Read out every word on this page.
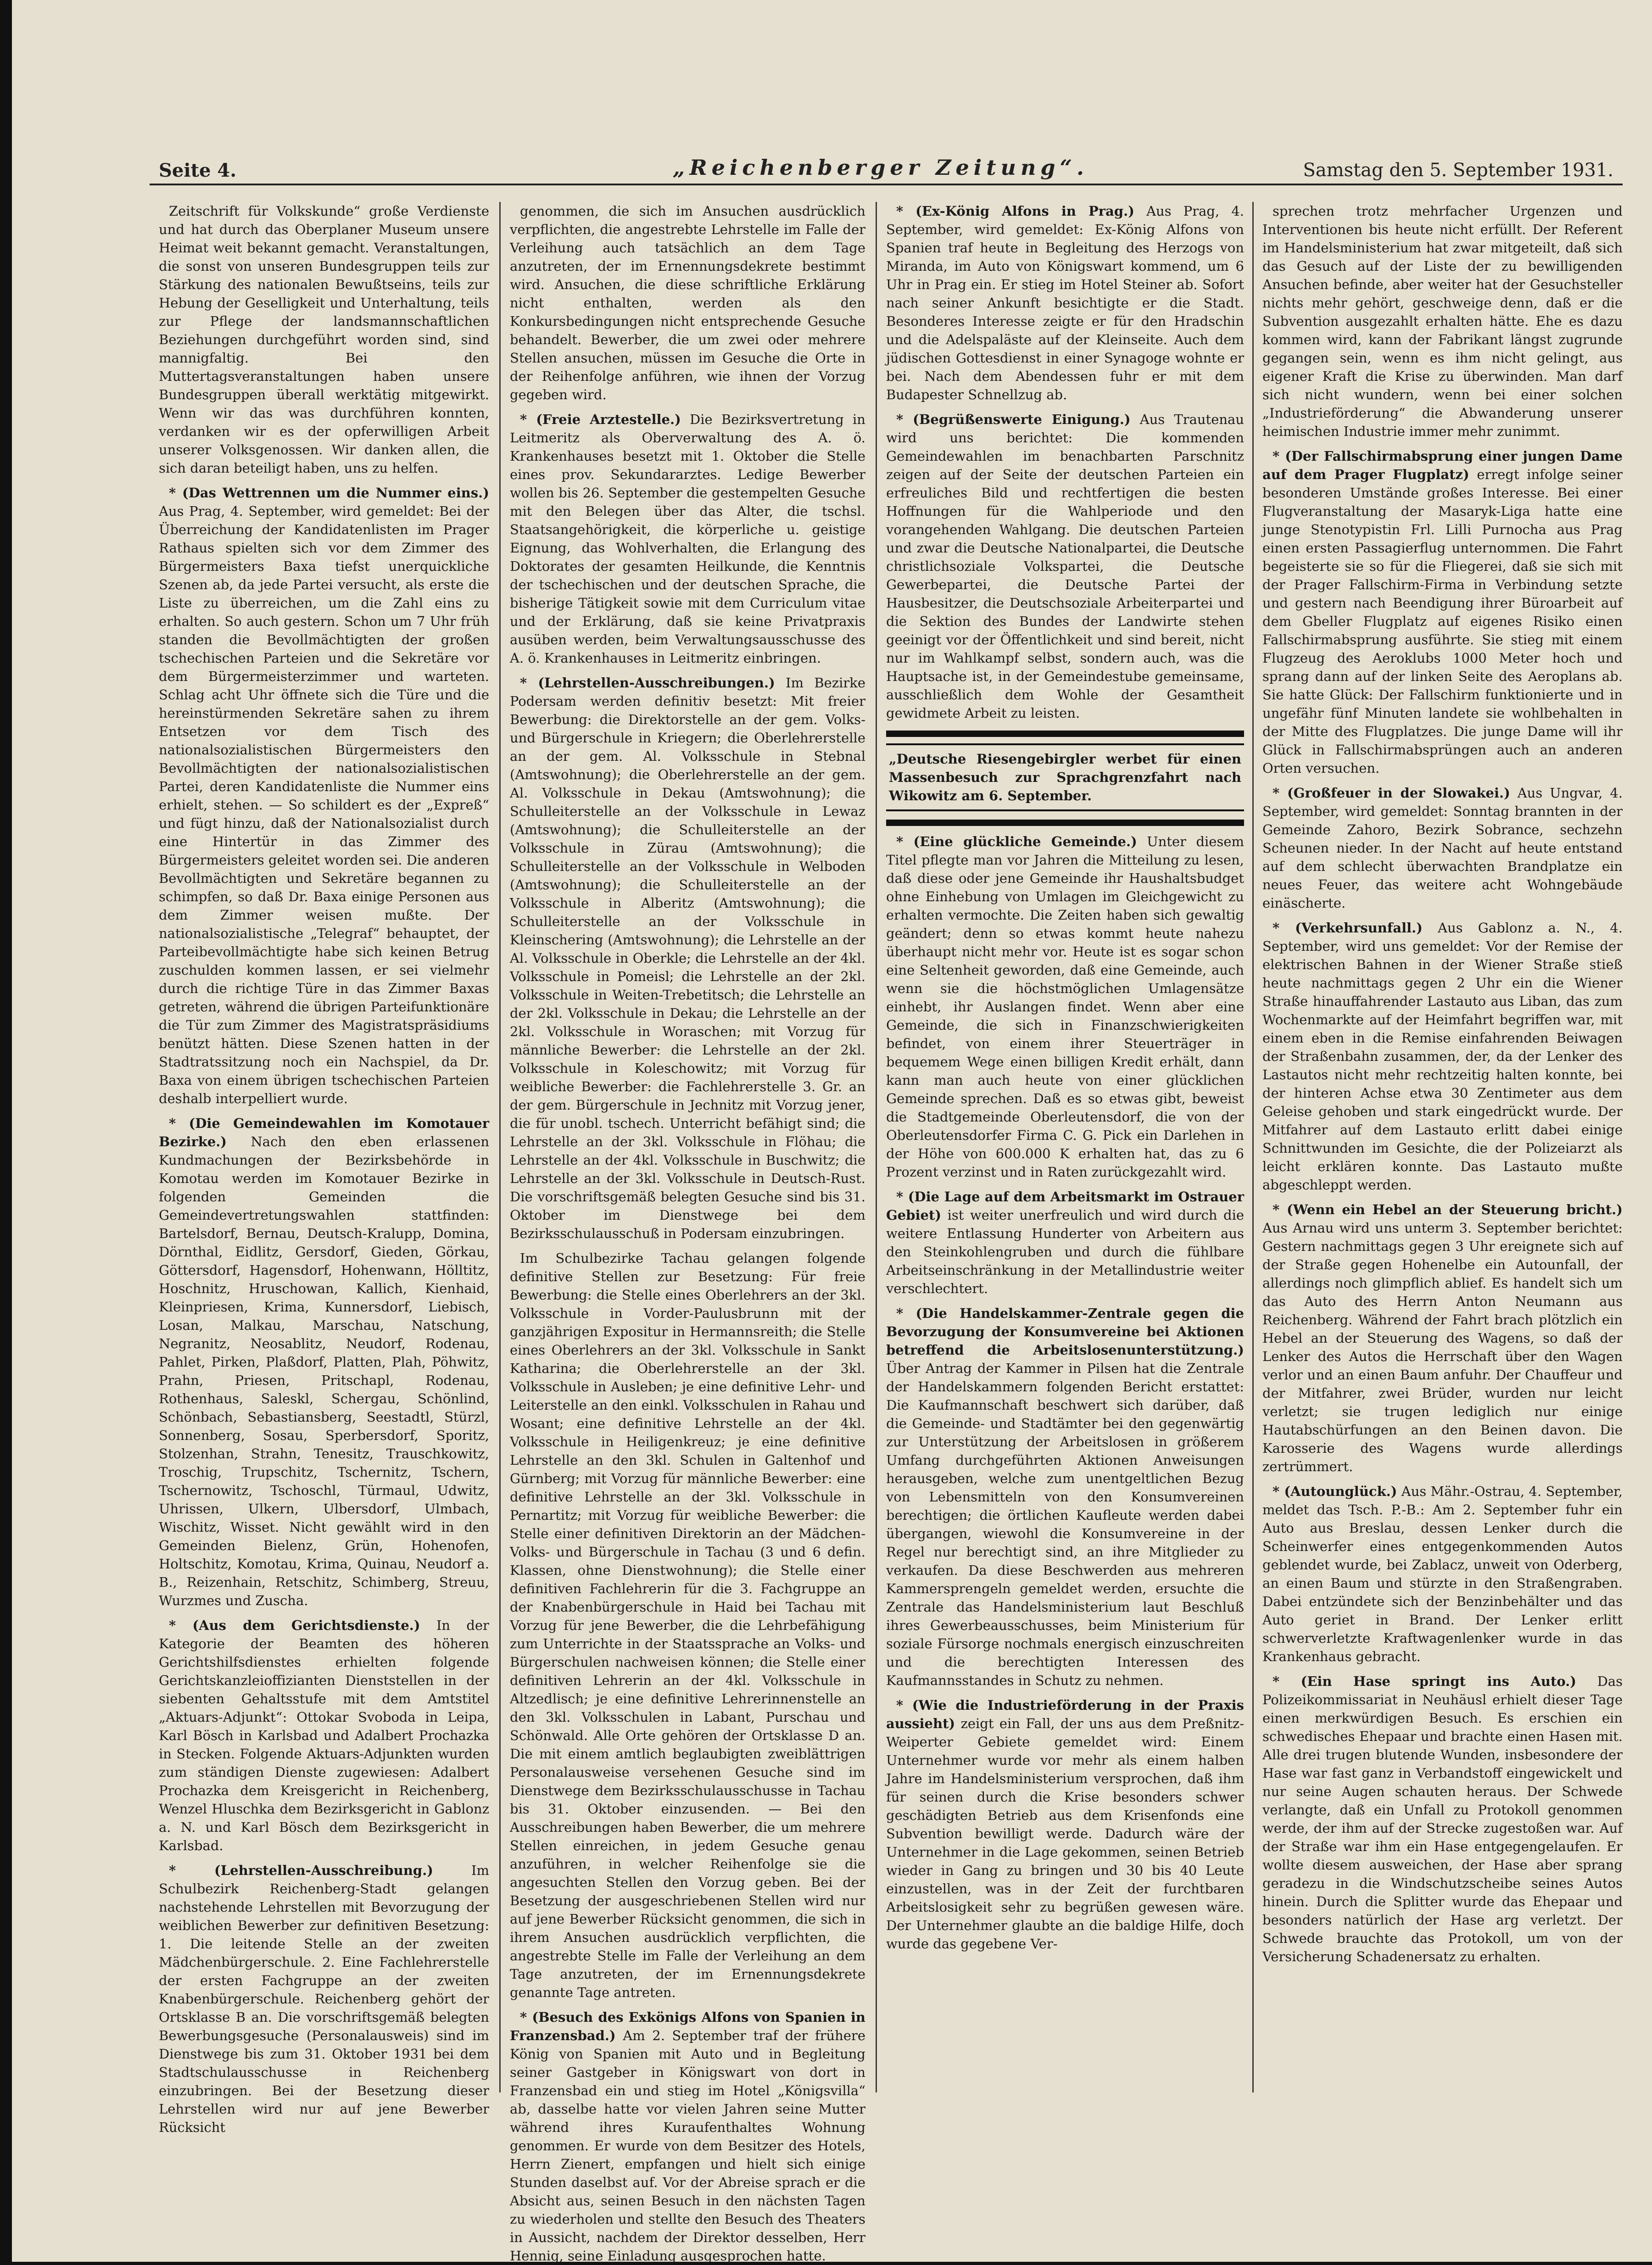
Seite 4.	„Reichenberger Zeitung“.	Samstag den 5. September 1931.

Zeitschrift für Volkskunde“ große Verdienste und hat durch das Oberplaner Museum unsere Heimat weit bekannt gemacht. Veranstaltungen, die sonst von unseren Bundesgruppen teils zur Stärkung des nationalen Bewußtseins, teils zur Hebung der Geselligkeit und Unterhaltung, teils zur Pflege der landsmannschaftlichen Beziehungen durchgeführt worden sind, sind mannigfaltig. Bei den Muttertagsveranstaltungen haben unsere Bundesgruppen überall werktätig mitgewirkt. Wenn wir das was durchführen konnten, verdanken wir es der opferwilligen Arbeit unserer Volksgenossen. Wir danken allen, die sich daran beteiligt haben, uns zu helfen.

* (Das Wettrennen um die Nummer eins.) Aus Prag, 4. September, wird gemeldet: Bei der Überreichung der Kandidatenlisten im Prager Rathaus spielten sich vor dem Zimmer des Bürgermeisters Baxa tiefst unerquickliche Szenen ab, da jede Partei versucht, als erste die Liste zu überreichen, um die Zahl eins zu erhalten. So auch gestern. Schon um 7 Uhr früh standen die Bevollmächtigten der großen tschechischen Parteien und die Sekretäre vor dem Bürgermeisterzimmer und warteten. Schlag acht Uhr öffnete sich die Türe und die hereinstürmenden Sekretäre sahen zu ihrem Entsetzen vor dem Tisch des nationalsozialistischen Bürgermeisters den Bevollmächtigten der nationalsozialistischen Partei, deren Kandidatenliste die Nummer eins erhielt, stehen. — So schildert es der „Expreß“ und fügt hinzu, daß der Nationalsozialist durch eine Hintertür in das Zimmer des Bürgermeisters geleitet worden sei. Die anderen Bevollmächtigten und Sekretäre begannen zu schimpfen, so daß Dr. Baxa einige Personen aus dem Zimmer weisen mußte. Der nationalsozialistische „Telegraf“ behauptet, der Parteibevollmächtigte habe sich keinen Betrug zuschulden kommen lassen, er sei vielmehr durch die richtige Türe in das Zimmer Baxas getreten, während die übrigen Parteifunktionäre die Tür zum Zimmer des Magistratspräsidiums benützt hätten. Diese Szenen hatten in der Stadtratssitzung noch ein Nachspiel, da Dr. Baxa von einem übrigen tschechischen Parteien deshalb interpelliert wurde.

* (Die Gemeindewahlen im Komotauer Bezirke.) Nach den eben erlassenen Kundmachungen der Bezirksbehörde in Komotau werden im Komotauer Bezirke in folgenden Gemeinden die Gemeindevertretungswahlen stattfinden: Bartelsdorf, Bernau, Deutsch-Kralupp, Domina, Dörnthal, Eidlitz, Gersdorf, Gieden, Görkau, Göttersdorf, Hagensdorf, Hohenwann, Hölltitz, Hoschnitz, Hruschowan, Kallich, Kienhaid, Kleinpriesen, Krima, Kunnersdorf, Liebisch, Losan, Malkau, Marschau, Natschung, Negranitz, Neosablitz, Neudorf, Rodenau, Pahlet, Pirken, Plaßdorf, Platten, Plah, Pöhwitz, Prahn, Priesen, Pritschapl, Rodenau, Rothenhaus, Saleskl, Schergau, Schönlind, Schönbach, Sebastiansberg, Seestadtl, Stürzl, Sonnenberg, Sosau, Sperbersdorf, Sporitz, Stolzenhan, Strahn, Tenesitz, Trauschkowitz, Troschig, Trupschitz, Tschernitz, Tschern, Tschernowitz, Tschoschl, Türmaul, Udwitz, Uhrissen, Ulkern, Ulbersdorf, Ulmbach, Wischitz, Wisset. Nicht gewählt wird in den Gemeinden Bielenz, Grün, Hohenofen, Holtschitz, Komotau, Krima, Quinau, Neudorf a. B., Reizenhain, Retschitz, Schimberg, Streuu, Wurzmes und Zuscha.

* (Aus dem Gerichtsdienste.) In der Kategorie der Beamten des höheren Gerichtshilfsdienstes erhielten folgende Gerichtskanzleioffizianten Dienststellen in der siebenten Gehaltsstufe mit dem Amtstitel „Aktuars-Adjunkt“: Ottokar Svoboda in Leipa, Karl Bösch in Karlsbad und Adalbert Prochazka in Stecken. Folgende Aktuars-Adjunkten wurden zum ständigen Dienste zugewiesen: Adalbert Prochazka dem Kreisgericht in Reichenberg, Wenzel Hluschka dem Bezirksgericht in Gablonz a. N. und Karl Bösch dem Bezirksgericht in Karlsbad.

* (Lehrstellen-Ausschreibung.)	Im Schulbezirk Reichenberg-Stadt gelangen nachstehende Lehrstellen mit Bevorzugung der weiblichen Bewerber zur definitiven Besetzung: 1. Die leitende Stelle an der zweiten Mädchenbürgerschule. 2. Eine Fachlehrerstelle der ersten Fachgruppe an der zweiten Knabenbürgerschule. Reichenberg gehört der Ortsklasse B an. Die vorschriftsgemäß belegten Bewerbungsgesuche (Personalausweis) sind im Dienstwege bis zum 31. Oktober 1931 bei dem Stadtschulausschusse in Reichenberg einzubringen. Bei der Besetzung dieser Lehrstellen wird nur auf jene Bewerber Rücksicht

genommen, die sich im Ansuchen ausdrücklich verpflichten, die angestrebte Lehrstelle im Falle der Verleihung auch tatsächlich an dem Tage anzutreten, der im Ernennungsdekrete bestimmt wird. Ansuchen, die diese schriftliche Erklärung nicht enthalten, werden als den Konkursbedingungen nicht entsprechende Gesuche behandelt. Bewerber, die um zwei oder mehrere Stellen ansuchen, müssen im Gesuche die Orte in der Reihenfolge anführen, wie ihnen der Vorzug gegeben wird.

* (Freie Arztestelle.) Die Bezirksvertretung in Leitmeritz als Oberverwaltung des A. ö. Krankenhauses besetzt mit 1. Oktober die Stelle eines prov. Sekundararztes. Ledige Bewerber wollen bis 26. September die gestempelten Gesuche mit den Belegen über das Alter, die tschsl. Staatsangehörigkeit, die körperliche u. geistige Eignung, das Wohlverhalten, die Erlangung des Doktorates der gesamten Heilkunde, die Kenntnis der tschechischen und der deutschen Sprache, die bisherige Tätigkeit sowie mit dem Curriculum vitae und der Erklärung, daß sie keine Privatpraxis ausüben werden, beim Verwaltungsausschusse des A. ö. Krankenhauses in Leitmeritz einbringen.

* (Lehrstellen-Ausschreibungen.) Im Bezirke Podersam werden definitiv besetzt: Mit freier Bewerbung: die Direktorstelle an der gem. Volks- und Bürgerschule in Kriegern; die Oberlehrerstelle an der gem. Al. Volksschule in Stebnal (Amtswohnung); die Oberlehrerstelle an der gem. Al. Volksschule in Dekau (Amtswohnung); die Schulleiterstelle an der Volksschule in Lewaz (Amtswohnung); die Schulleiterstelle an der Volksschule in Zürau (Amtswohnung); die Schulleiterstelle an der Volksschule in Welboden (Amtswohnung); die Schulleiterstelle an der Volksschule in Alberitz (Amtswohnung); die Schulleiterstelle an der Volksschule in Kleinschering (Amtswohnung); die Lehrstelle an der Al. Volksschule in Oberkle; die Lehrstelle an der 4kl. Volksschule in Pomeisl; die Lehrstelle an der 2kl. Volksschule in Weiten-Trebetitsch; die Lehrstelle an der 2kl. Volksschule in Dekau; die Lehrstelle an der 2kl. Volksschule in Woraschen; mit Vorzug für männliche Bewerber: die Lehrstelle an der 2kl. Volksschule in Koleschowitz; mit Vorzug für weibliche Bewerber: die Fachlehrerstelle 3. Gr. an der gem. Bürgerschule in Jechnitz mit Vorzug jener, die für unobl. tschech. Unterricht befähigt sind; die Lehrstelle an der 3kl. Volksschule in Flöhau; die Lehrstelle an der 4kl. Volksschule in Buschwitz; die Lehrstelle an der 3kl. Volksschule in Deutsch-Rust. Die vorschriftsgemäß belegten Gesuche sind bis 31. Oktober im Dienstwege bei dem Bezirksschulausschuß in Podersam einzubringen.

Im Schulbezirke Tachau gelangen folgende definitive Stellen zur Besetzung: Für freie Bewerbung: die Stelle eines Oberlehrers an der 3kl. Volksschule in Vorder-Paulusbrunn mit der ganzjährigen Expositur in Hermannsreith; die Stelle eines Oberlehrers an der 3kl. Volksschule in Sankt Katharina; die Oberlehrerstelle an der 3kl. Volksschule in Ausleben; je eine definitive Lehr- und Leiterstelle an den einkl. Volksschulen in Rahau und Wosant; eine definitive Lehrstelle an der 4kl. Volksschule in Heiligenkreuz; je eine definitive Lehrstelle an den 3kl. Schulen in Galtenhof und Gürnberg; mit Vorzug für männliche Bewerber: eine definitive Lehrstelle an der 3kl. Volksschule in Pernartitz; mit Vorzug für weibliche Bewerber: die Stelle einer definitiven Direktorin an der Mädchen-Volks- und Bürgerschule in Tachau (3 und 6 defin. Klassen, ohne Dienstwohnung); die Stelle einer definitiven Fachlehrerin für die 3. Fachgruppe an der Knabenbürgerschule in Haid bei Tachau mit Vorzug für jene Bewerber, die die Lehrbefähigung zum Unterrichte in der Staatssprache an Volks- und Bürgerschulen nachweisen können; die Stelle einer definitiven Lehrerin an der 4kl. Volksschule in Altzedlisch; je eine definitive Lehrerinnenstelle an den 3kl. Volksschulen in Labant, Purschau und Schönwald. Alle Orte gehören der Ortsklasse D an. Die mit einem amtlich beglaubigten zweiblättrigen Personalausweise versehenen Gesuche sind im Dienstwege dem Bezirksschulausschusse in Tachau bis 31. Oktober einzusenden. — Bei den Ausschreibungen haben Bewerber, die um mehrere Stellen einreichen, in jedem Gesuche genau anzuführen, in welcher Reihenfolge sie die angesuchten Stellen den Vorzug geben. Bei der Besetzung der ausgeschriebenen Stellen wird nur auf jene Bewerber Rücksicht genommen, die sich in ihrem Ansuchen ausdrücklich verpflichten, die angestrebte Stelle im Falle der Verleihung an dem Tage anzutreten, der im Ernennungsdekrete genannte Tage antreten.

* (Besuch des Exkönigs Alfons von Spanien in Franzensbad.) Am 2. September traf der frühere König von Spanien mit Auto und in Begleitung seiner Gastgeber in Königswart von dort in Franzensbad ein und stieg im Hotel „Königsvilla“ ab, dasselbe hatte vor vielen Jahren seine Mutter während ihres Kuraufenthaltes Wohnung genommen. Er wurde von dem Besitzer des Hotels, Herrn Zienert, empfangen und hielt sich einige Stunden daselbst auf. Vor der Abreise sprach er die Absicht aus, seinen Besuch in den nächsten Tagen zu wiederholen und stellte den Besuch des Theaters in Aussicht, nachdem der Direktor desselben, Herr Hennig, seine Einladung ausgesprochen hatte.

* (Ex-König Alfons in Prag.) Aus Prag, 4. September, wird gemeldet: Ex-König Alfons von Spanien traf heute in Begleitung des Herzogs von Miranda, im Auto von Königswart kommend, um 6 Uhr in Prag ein. Er stieg im Hotel Steiner ab. Sofort nach seiner Ankunft besichtigte er die Stadt. Besonderes Interesse zeigte er für den Hradschin und die Adelspaläste auf der Kleinseite. Auch dem jüdischen Gottesdienst in einer Synagoge wohnte er bei. Nach dem Abendessen fuhr er mit dem Budapester Schnellzug ab.

* (Begrüßenswerte Einigung.) Aus Trautenau wird uns berichtet: Die kommenden Gemeindewahlen im benachbarten Parschnitz zeigen auf der Seite der deutschen Parteien ein erfreuliches Bild und rechtfertigen die besten Hoffnungen für die Wahlperiode und den vorangehenden Wahlgang. Die deutschen Parteien und zwar die Deutsche Nationalpartei, die Deutsche christlichsoziale Volkspartei, die Deutsche Gewerbepartei, die Deutsche Partei der Hausbesitzer, die Deutschsoziale Arbeiterpartei und die Sektion des Bundes der Landwirte stehen geeinigt vor der Öffentlichkeit und sind bereit, nicht nur im Wahlkampf selbst, sondern auch, was die Hauptsache ist, in der Gemeindestube gemeinsame, ausschließlich dem Wohle der Gesamtheit gewidmete Arbeit zu leisten.

„Deutsche Riesengebirgler werbet für einen Massenbesuch zur Sprachgrenzfahrt nach Wikowitz am 6. September.

* (Eine glückliche Gemeinde.) Unter diesem Titel pflegte man vor Jahren die Mitteilung zu lesen, daß diese oder jene Gemeinde ihr Haushaltsbudget ohne Einhebung von Umlagen im Gleichgewicht zu erhalten vermochte. Die Zeiten haben sich gewaltig geändert; denn so etwas kommt heute nahezu überhaupt nicht mehr vor. Heute ist es sogar schon eine Seltenheit geworden, daß eine Gemeinde, auch wenn sie die höchstmöglichen Umlagensätze einhebt, ihr Auslangen findet. Wenn aber eine Gemeinde, die sich in Finanzschwierigkeiten befindet, von einem ihrer Steuerträger in bequemem Wege einen billigen Kredit erhält, dann kann man auch heute von einer glücklichen Gemeinde sprechen. Daß es so etwas gibt, beweist die Stadtgemeinde Oberleutensdorf, die von der Oberleutensdorfer Firma C. G. Pick ein Darlehen in der Höhe von 600.000 K erhalten hat, das zu 6 Prozent verzinst und in Raten zurückgezahlt wird.

* (Die Lage auf dem Arbeitsmarkt im Ostrauer Gebiet) ist weiter unerfreulich und wird durch die weitere Entlassung Hunderter von Arbeitern aus den Steinkohlengruben und durch die fühlbare Arbeitseinschränkung in der Metallindustrie weiter verschlechtert.

* (Die Handelskammer-Zentrale gegen die Bevorzugung der Konsumvereine bei Aktionen betreffend die Arbeitslosenunterstützung.) Über Antrag der Kammer in Pilsen hat die Zentrale der Handelskammern folgenden Bericht erstattet: Die Kaufmannschaft beschwert sich darüber, daß die Gemeinde- und Stadtämter bei den gegenwärtig zur Unterstützung der Arbeitslosen in größerem Umfang durchgeführten Aktionen Anweisungen herausgeben, welche zum unentgeltlichen Bezug von Lebensmitteln von den Konsumvereinen berechtigen; die örtlichen Kaufleute werden dabei übergangen, wiewohl die Konsumvereine in der Regel nur berechtigt sind, an ihre Mitglieder zu verkaufen. Da diese Beschwerden aus mehreren Kammersprengeln gemeldet werden, ersuchte die Zentrale das Handelsministerium laut Beschluß ihres Gewerbeausschusses, beim Ministerium für soziale Fürsorge nochmals energisch einzuschreiten und die berechtigten Interessen des Kaufmannsstandes in Schutz zu nehmen.

* (Wie die Industrieförderung in der Praxis aussieht) zeigt ein Fall, der uns aus dem Preßnitz-Weiperter Gebiete gemeldet wird: Einem Unternehmer wurde vor mehr als einem halben Jahre im Handelsministerium versprochen, daß ihm für seinen durch die Krise besonders schwer geschädigten Betrieb aus dem Krisenfonds eine Subvention bewilligt werde. Dadurch wäre der Unternehmer in die Lage gekommen, seinen Betrieb wieder in Gang zu bringen und 30 bis 40 Leute einzustellen, was in der Zeit der furchtbaren Arbeitslosigkeit sehr zu begrüßen gewesen wäre. Der Unternehmer glaubte an die baldige Hilfe, doch wurde das gegebene Ver-

sprechen trotz mehrfacher Urgenzen und Interventionen bis heute nicht erfüllt. Der Referent im Handelsministerium hat zwar mitgeteilt, daß sich das Gesuch auf der Liste der zu bewilligenden Ansuchen befinde, aber weiter hat der Gesuchsteller nichts mehr gehört, geschweige denn, daß er die Subvention ausgezahlt erhalten hätte. Ehe es dazu kommen wird, kann der Fabrikant längst zugrunde gegangen sein, wenn es ihm nicht gelingt, aus eigener Kraft die Krise zu überwinden. Man darf sich nicht wundern, wenn bei einer solchen „Industrieförderung“ die Abwanderung unserer heimischen Industrie immer mehr zunimmt.

* (Der Fallschirmabsprung einer jungen Dame auf dem Prager Flugplatz) erregt infolge seiner besonderen Umstände großes Interesse. Bei einer Flugveranstaltung der Masaryk-Liga hatte eine junge Stenotypistin Frl. Lilli Purnocha aus Prag einen ersten Passagierflug unternommen. Die Fahrt begeisterte sie so für die Fliegerei, daß sie sich mit der Prager Fallschirm-Firma in Verbindung setzte und gestern nach Beendigung ihrer Büroarbeit auf dem Gbeller Flugplatz auf eigenes Risiko einen Fallschirmabsprung ausführte. Sie stieg mit einem Flugzeug des Aeroklubs 1000 Meter hoch und sprang dann auf der linken Seite des Aeroplans ab. Sie hatte Glück: Der Fallschirm funktionierte und in ungefähr fünf Minuten landete sie wohlbehalten in der Mitte des Flugplatzes. Die junge Dame will ihr Glück in Fallschirmabsprüngen auch an anderen Orten versuchen.

* (Großfeuer in der Slowakei.) Aus Ungvar, 4. September, wird gemeldet: Sonntag brannten in der Gemeinde Zahoro, Bezirk Sobrance, sechzehn Scheunen nieder. In der Nacht auf heute entstand auf dem schlecht überwachten Brandplatze ein neues Feuer, das weitere acht Wohngebäude einäscherte.

* (Verkehrsunfall.) Aus Gablonz a. N., 4. September, wird uns gemeldet: Vor der Remise der elektrischen Bahnen in der Wiener Straße stieß heute nachmittags gegen 2 Uhr ein die Wiener Straße hinauffahrender Lastauto aus Liban, das zum Wochenmarkte auf der Heimfahrt begriffen war, mit einem eben in die Remise einfahrenden Beiwagen der Straßenbahn zusammen, der, da der Lenker des Lastautos nicht mehr rechtzeitig halten konnte, bei der hinteren Achse etwa 30 Zentimeter aus dem Geleise gehoben und stark eingedrückt wurde. Der Mitfahrer auf dem Lastauto erlitt dabei einige Schnittwunden im Gesichte, die der Polizeiarzt als leicht erklären konnte. Das Lastauto mußte abgeschleppt werden.

* (Wenn ein Hebel an der Steuerung bricht.) Aus Arnau wird uns unterm 3. September berichtet: Gestern nachmittags gegen 3 Uhr ereignete sich auf der Straße gegen Hohenelbe ein Autounfall, der allerdings noch glimpflich ablief. Es handelt sich um das Auto des Herrn Anton Neumann aus Reichenberg. Während der Fahrt brach plötzlich ein Hebel an der Steuerung des Wagens, so daß der Lenker des Autos die Herrschaft über den Wagen verlor und an einen Baum anfuhr. Der Chauffeur und der Mitfahrer, zwei Brüder, wurden nur leicht verletzt; sie trugen lediglich nur einige Hautabschürfungen an den Beinen davon. Die Karosserie des Wagens wurde allerdings zertrümmert.

* (Autounglück.) Aus Mähr.-Ostrau, 4. September, meldet das Tsch. P.-B.: Am 2. September fuhr ein Auto aus Breslau, dessen Lenker durch die Scheinwerfer eines entgegenkommenden Autos geblendet wurde, bei Zablacz, unweit von Oderberg, an einen Baum und stürzte in den Straßengraben. Dabei entzündete sich der Benzinbehälter und das Auto geriet in Brand. Der Lenker erlitt schwerverletzte Kraftwagenlenker wurde in das Krankenhaus gebracht.

* (Ein Hase springt ins Auto.) Das Polizeikommissariat in Neuhäusl erhielt dieser Tage einen merkwürdigen Besuch. Es erschien ein schwedisches Ehepaar und brachte einen Hasen mit. Alle drei trugen blutende Wunden, insbesondere der Hase war fast ganz in Verbandstoff eingewickelt und nur seine Augen schauten heraus. Der Schwede verlangte, daß ein Unfall zu Protokoll genommen werde, der ihm auf der Strecke zugestoßen war. Auf der Straße war ihm ein Hase entgegengelaufen. Er wollte diesem ausweichen, der Hase aber sprang geradezu in die Windschutzscheibe seines Autos hinein. Durch die Splitter wurde das Ehepaar und besonders natürlich der Hase arg verletzt. Der Schwede brauchte das Protokoll, um von der Versicherung Schadenersatz zu erhalten.
